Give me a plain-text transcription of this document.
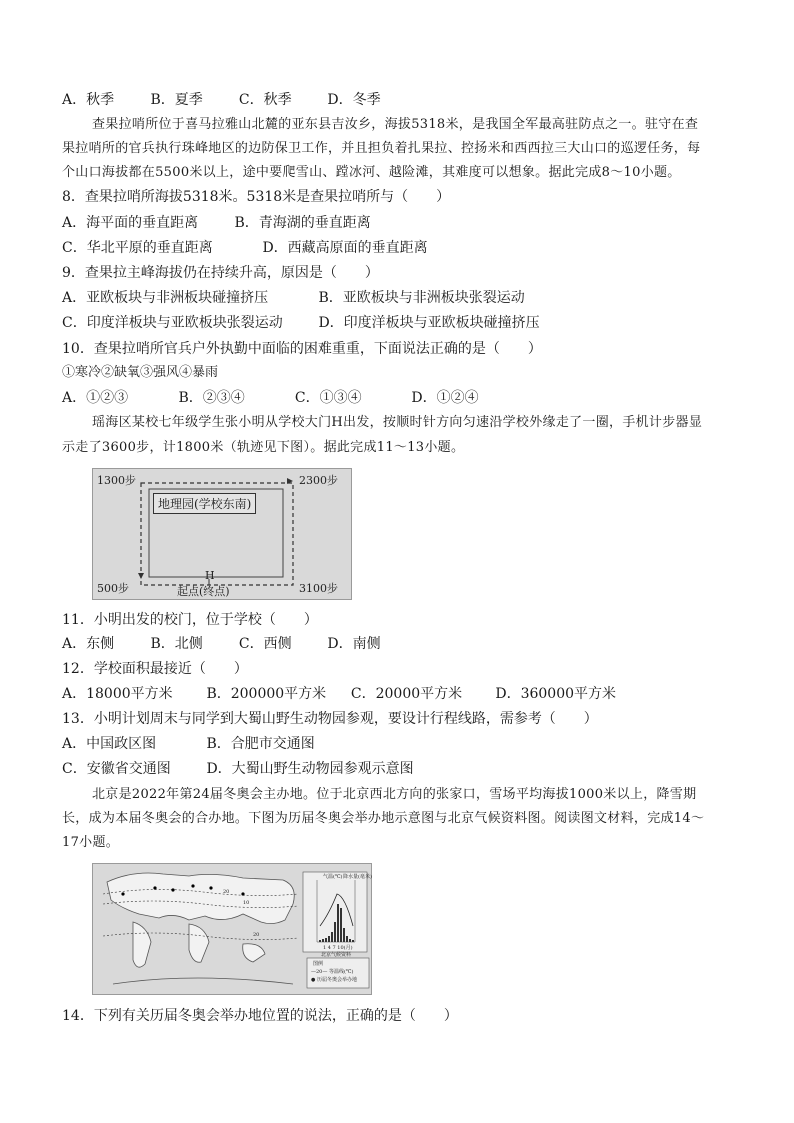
A．秋季	B．夏季	C．秋季	D．冬季
查果拉哨所位于喜马拉雅山北麓的亚东县吉汝乡，海拔5318米，是我国全军最高驻防点之一。驻守在查
果拉哨所的官兵执行珠峰地区的边防保卫工作，并且担负着扎果拉、控扬米和西西拉三大山口的巡逻任务，每
个山口海拔都在5500米以上，途中要爬雪山、蹚冰河、越险滩，其难度可以想象。据此完成8～10小题。
8．查果拉哨所海拔5318米。5318米是查果拉哨所与（　　）
A．海平面的垂直距离	B．青海湖的垂直距离
C．华北平原的垂直距离	D．西藏高原面的垂直距离
9．查果拉主峰海拔仍在持续升高，原因是（　　）
A．亚欧板块与非洲板块碰撞挤压	B．亚欧板块与非洲板块张裂运动
C．印度洋板块与亚欧板块张裂运动	D．印度洋板块与亚欧板块碰撞挤压
10．查果拉哨所官兵户外执勤中面临的困难重重，下面说法正确的是（　　）
①寒冷②缺氧③强风④暴雨
A．①②③	B．②③④	C．①③④	D．①②④
瑶海区某校七年级学生张小明从学校大门H出发，按顺时针方向匀速沿学校外缘走了一圈，手机计步器显
示走了3600步，计1800米（轨迹见下图）。据此完成11～13小题。
1300步	2300步
500步	3100步
地理园(学校东南)
H
起点(终点)
11．小明出发的校门，位于学校（　　）
A．东侧	B．北侧	C．西侧	D．南侧
12．学校面积最接近（　　）
A．18000平方米 B．200000平方米 C．20000平方米 D．360000平方米
13．小明计划周末与同学到大蜀山野生动物园参观，要设计行程线路，需参考（　　）
A．中国政区图	B．合肥市交通图
C．安徽省交通图	D．大蜀山野生动物园参观示意图
北京是2022年第24届冬奥会主办地。位于北京西北方向的张家口，雪场平均海拔1000米以上，降雪期
长，成为本届冬奥会的合办地。下图为历届冬奥会举办地示意图与北京气候资料图。阅读图文材料，完成14～
17小题。
气温(℃) 降水量(毫米)
1 4 7 10(月)
北京气候资料
图例
—20— 等温线(℃)
● 历届冬奥会举办地
20
10
20
14．下列有关历届冬奥会举办地位置的说法，正确的是（　　）
